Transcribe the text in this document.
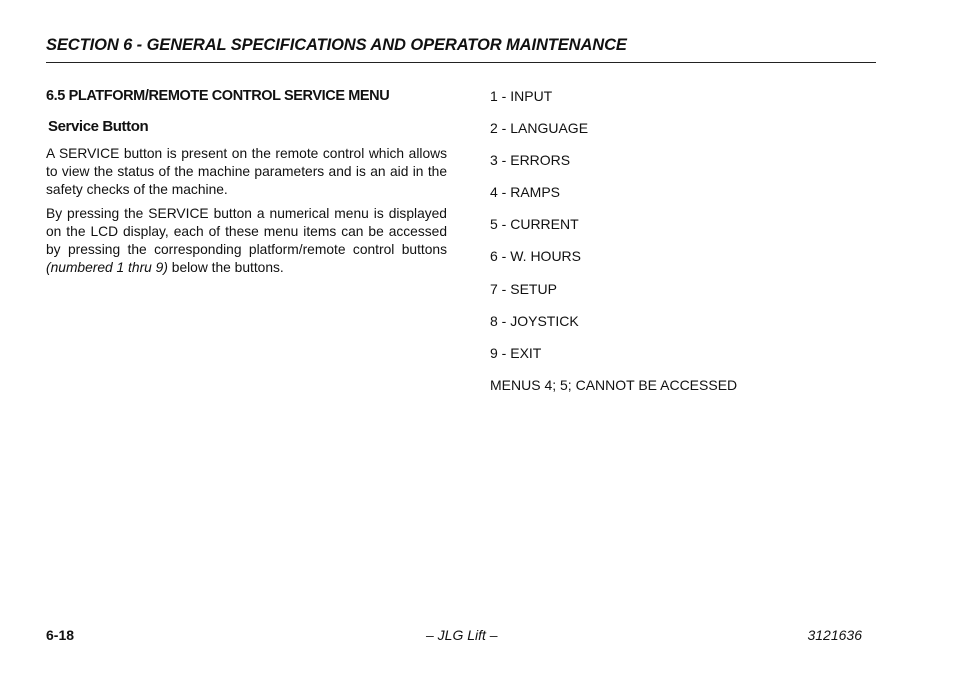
SECTION 6 - GENERAL SPECIFICATIONS AND OPERATOR MAINTENANCE
6.5 PLATFORM/REMOTE CONTROL SERVICE MENU
Service Button

A SERVICE button is present on the remote control which allows to view the status of the machine parameters and is an aid in the safety checks of the machine.

By pressing the SERVICE button a numerical menu is displayed on the LCD display, each of these menu items can be accessed by pressing the corresponding platform/remote control buttons (numbered 1 thru 9) below the buttons.

1 - INPUT
2 - LANGUAGE
3 - ERRORS
4 - RAMPS
5 - CURRENT
6 - W. HOURS
7 - SETUP
8 - JOYSTICK
9 - EXIT
MENUS 4; 5; CANNOT BE ACCESSED
6-18	– JLG Lift –	3121636
